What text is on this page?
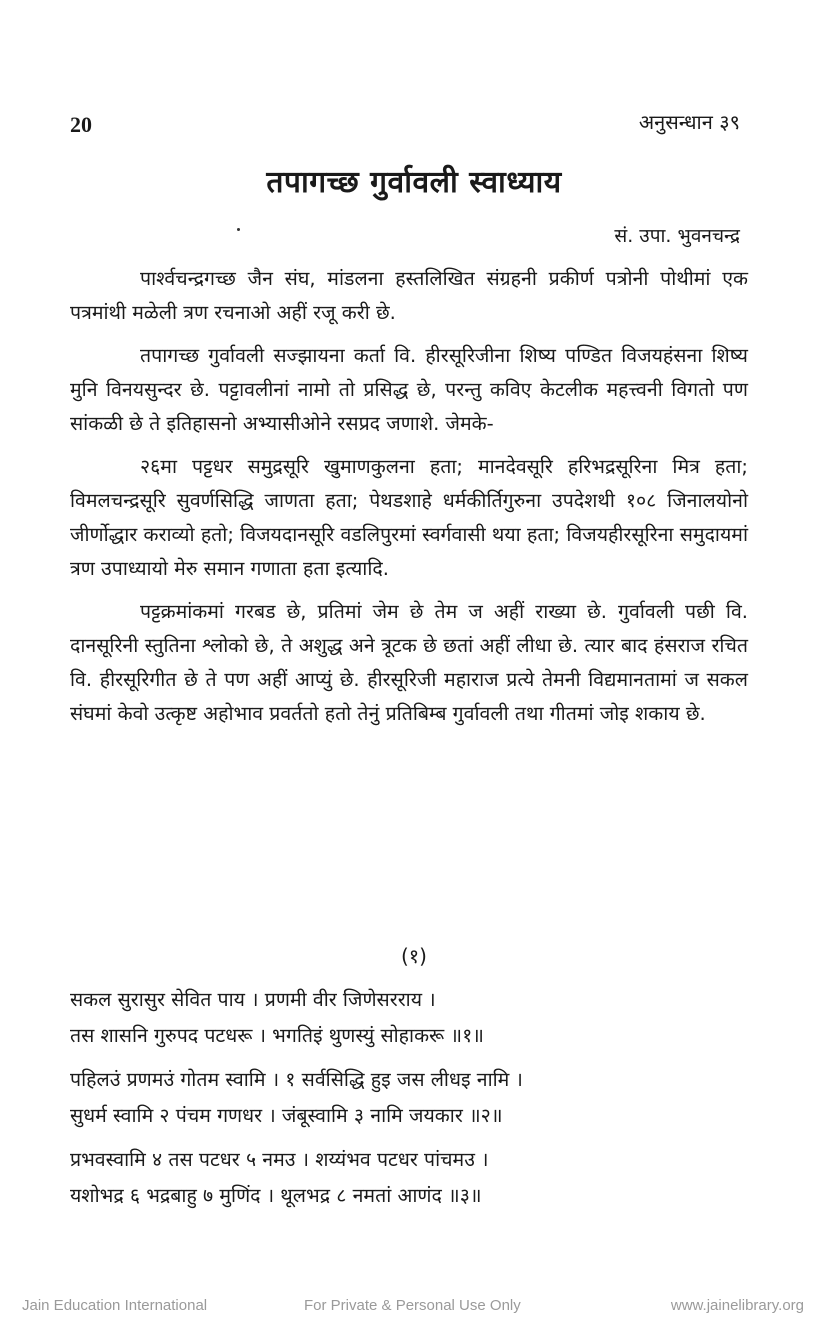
20	अनुसन्धान ३९
तपागच्छ गुर्वावली स्वाध्याय
सं. उपा. भुवनचन्द्र

पार्श्वचन्द्रगच्छ जैन संघ, मांडलना हस्तलिखित संग्रहनी प्रकीर्ण पत्रोनी पोथीमां एक पत्रमांथी मळेली त्रण रचनाओ अहीं रजू करी छे.

तपागच्छ गुर्वावली सज्झायना कर्ता वि. हीरसूरिजीना शिष्य पण्डित विजयहंसना शिष्य मुनि विनयसुन्दर छे. पट्टावलीनां नामो तो प्रसिद्ध छे, परन्तु कविए केटलीक महत्त्वनी विगतो पण सांकळी छे ते इतिहासनो अभ्यासीओने रसप्रद जणाशे. जेमके-

२६मा पट्टधर समुद्रसूरि खुमाणकुलना हता; मानदेवसूरि हरिभद्रसूरिना मित्र हता; विमलचन्द्रसूरि सुवर्णसिद्धि जाणता हता; पेथडशाहे धर्मकीर्तिगुरुना उपदेशथी १०८ जिनालयोनो जीर्णोद्धार कराव्यो हतो; विजयदानसूरि वडलिपुरमां स्वर्गवासी थया हता; विजयहीरसूरिना समुदायमां त्रण उपाध्यायो मेरु समान गणाता हता इत्यादि.

पट्टक्रमांकमां गरबड छे, प्रतिमां जेम छे तेम ज अहीं राख्या छे. गुर्वावली पछी वि. दानसूरिनी स्तुतिना श्लोको छे, ते अशुद्ध अने त्रूटक छे छतां अहीं लीधा छे. त्यार बाद हंसराज रचित वि. हीरसूरिगीत छे ते पण अहीं आप्युं छे. हीरसूरिजी महाराज प्रत्ये तेमनी विद्यमानतामां ज सकल संघमां केवो उत्कृष्ट अहोभाव प्रवर्ततो हतो तेनुं प्रतिबिम्ब गुर्वावली तथा गीतमां जोइ शकाय छे.

(१)
सकल सुरासुर सेवित पाय । प्रणमी वीर जिणेसरराय ।
तस शासनि गुरुपद पटधरू । भगतिइं थुणस्युं सोहाकरू ॥१॥
पहिलउं प्रणमउं गोतम स्वामि । १ सर्वसिद्धि हुइ जस लीधइ नामि ।
सुधर्म स्वामि २ पंचम गणधर । जंबूस्वामि ३ नामि जयकार ॥२॥
प्रभवस्वामि ४ तस पटधर ५ नमउ । शय्यंभव पटधर पांचमउ ।
यशोभद्र ६ भद्रबाहु ७ मुणिंद । थूलभद्र ८ नमतां आणंद ॥३॥
Jain Education International	For Private & Personal Use Only	www.jainelibrary.org
